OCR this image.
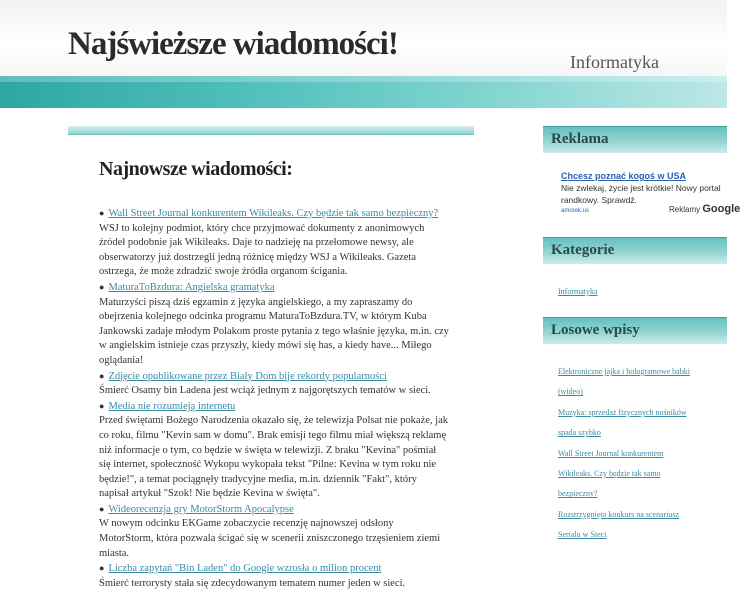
Najświeższe wiadomości!	Informatyka
Najnowsze wiadomości:

● Wall Street Journal konkurentem Wikileaks. Czy będzie tak samo bezpieczny?

WSJ to kolejny podmiot, który chce przyjmować dokumenty z anonimowych źródeł podobnie jak Wikileaks. Daje to nadzieję na przełomowe newsy, ale obserwatorzy już dostrzegli jedną różnicę między WSJ a Wikileaks. Gazeta ostrzega, że może zdradzić swoje źródła organom ścigania.

● MaturaToBzdura: Angielska gramatyka

Maturzyści piszą dziś egzamin z języka angielskiego, a my zapraszamy do obejrzenia kolejnego odcinka programu MaturaToBzdura.TV, w którym Kuba Jankowski zadaje młodym Polakom proste pytania z tego właśnie języka, m.in. czy w angielskim istnieje czas przyszły, kiedy mówi się has, a kiedy have... Miłego oglądania!

● Zdjęcie opublikowane przez Biały Dom bije rekordy popularności

Śmierć Osamy bin Ladena jest wciąż jednym z najgorętszych tematów w sieci.

● Media nie rozumieją internetu

Przed świętami Bożego Narodzenia okazało się, że telewizja Polsat nie pokaże, jak co roku, filmu "Kevin sam w domu". Brak emisji tego filmu miał większą reklamę niż informacje o tym, co będzie w święta w telewizji. Z braku "Kevina" pośmiał się internet, społeczność Wykopu wykopała tekst "Pilne: Kevina w tym roku nie będzie!", a temat pociągnęły tradycyjne media, m.in. dziennik "Fakt", który napisał artykuł "Szok! Nie będzie Kevina w święta".

● Wideorecenzja gry MotorStorm Apocalypse

W nowym odcinku EKGame zobaczycie recenzję najnowszej odsłony MotorStorm, która pozwala ścigać się w scenerii zniszczonego trzęsieniem ziemi miasta.

● Liczba zapytań "Bin Laden" do Google wzrosła o milion procent

Śmierć terrorysty stała się zdecydowanym tematem numer jeden w sieci.

Reklama
Chcesz poznać kogoś w USA
Nie zwlekaj, życie jest krótkie! Nowy portal randkowy. Sprawdź.
amorek.us	Reklamy Google
Kategorie
Informatyka
Losowe wpisy
Elektroniczne jajka i hologramowe babki
(wideo)
Muzyka: sprzedaż fizycznych nośników
spada szybko
Wall Street Journal konkurentem
Wikileaks. Czy będzie tak samo
bezpieczny?
Rozstrzygnięto konkurs na scenariusz
Serialu w Sieci
